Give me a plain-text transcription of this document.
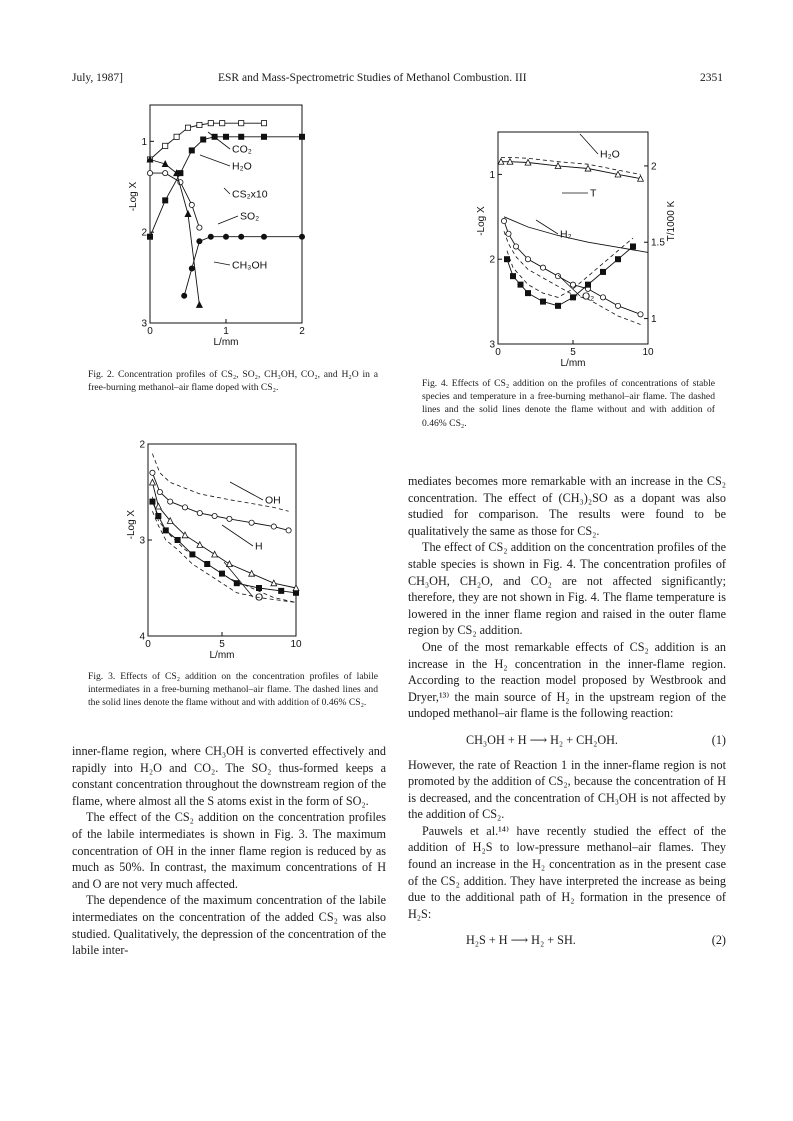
July, 1987]	ESR and Mass-Spectrometric Studies of Methanol Combustion. III	2351
0	1	2
L/mm
1
2
3
-Log X
CO₂
H₂O
CS₂x10
SO₂
CH₃OH
Fig. 2. Concentration profiles of CS₂, SO₂, CH₃OH, CO₂, and H₂O in a free-burning methanol–air flame doped with CS₂.
0	5	10
L/mm
1
2
3
-Log X
2
1.5
1
T/1000 K
H₂O
T
H₂
O₂
Fig. 4. Effects of CS₂ addition on the profiles of concentrations of stable species and temperature in a free-burning methanol–air flame. The dashed lines and the solid lines denote the flame without and with addition of 0.46% CS₂.
0	5	10
L/mm
2
3
4
-Log X
OH
H
O
Fig. 3. Effects of CS₂ addition on the concentration profiles of labile intermediates in a free-burning methanol–air flame. The dashed lines and the solid lines denote the flame without and with addition of 0.46% CS₂.

inner-flame region, where CH₃OH is converted effectively and rapidly into H₂O and CO₂. The SO₂ thus-formed keeps a constant concentration throughout the downstream region of the flame, where almost all the S atoms exist in the form of SO₂.

The effect of the CS₂ addition on the concentration profiles of the labile intermediates is shown in Fig. 3. The maximum concentration of OH in the inner flame region is reduced by as much as 50%. In contrast, the maximum concentrations of H and O are not very much affected.

The dependence of the maximum concentration of the labile intermediates on the concentration of the added CS₂ was also studied. Qualitatively, the depression of the concentration of the labile inter-

mediates becomes more remarkable with an increase in the CS₂ concentration. The effect of (CH₃)₂SO as a dopant was also studied for comparison. The results were found to be qualitatively the same as those for CS₂.

The effect of CS₂ addition on the concentration profiles of the stable species is shown in Fig. 4. The concentration profiles of CH₃OH, CH₂O, and CO₂ are not affected significantly; therefore, they are not shown in Fig. 4. The flame temperature is lowered in the inner flame region and raised in the outer flame region by CS₂ addition.

One of the most remarkable effects of CS₂ addition is an increase in the H₂ concentration in the inner-flame region. According to the reaction model proposed by Westbrook and Dryer,¹³⁾ the main source of H₂ in the upstream region of the undoped methanol–air flame is the following reaction:

CH₃OH + H ⟶ H₂ + CH₂OH.	(1)

However, the rate of Reaction 1 in the inner-flame region is not promoted by the addition of CS₂, because the concentration of H is decreased, and the concentration of CH₃OH is not affected by the addition of CS₂.

Pauwels et al.¹⁴⁾ have recently studied the effect of the addition of H₂S to low-pressure methanol–air flames. They found an increase in the H₂ concentration as in the present case of the CS₂ addition. They have interpreted the increase as being due to the additional path of H₂ formation in the presence of H₂S:

H₂S + H ⟶ H₂ + SH.	(2)
